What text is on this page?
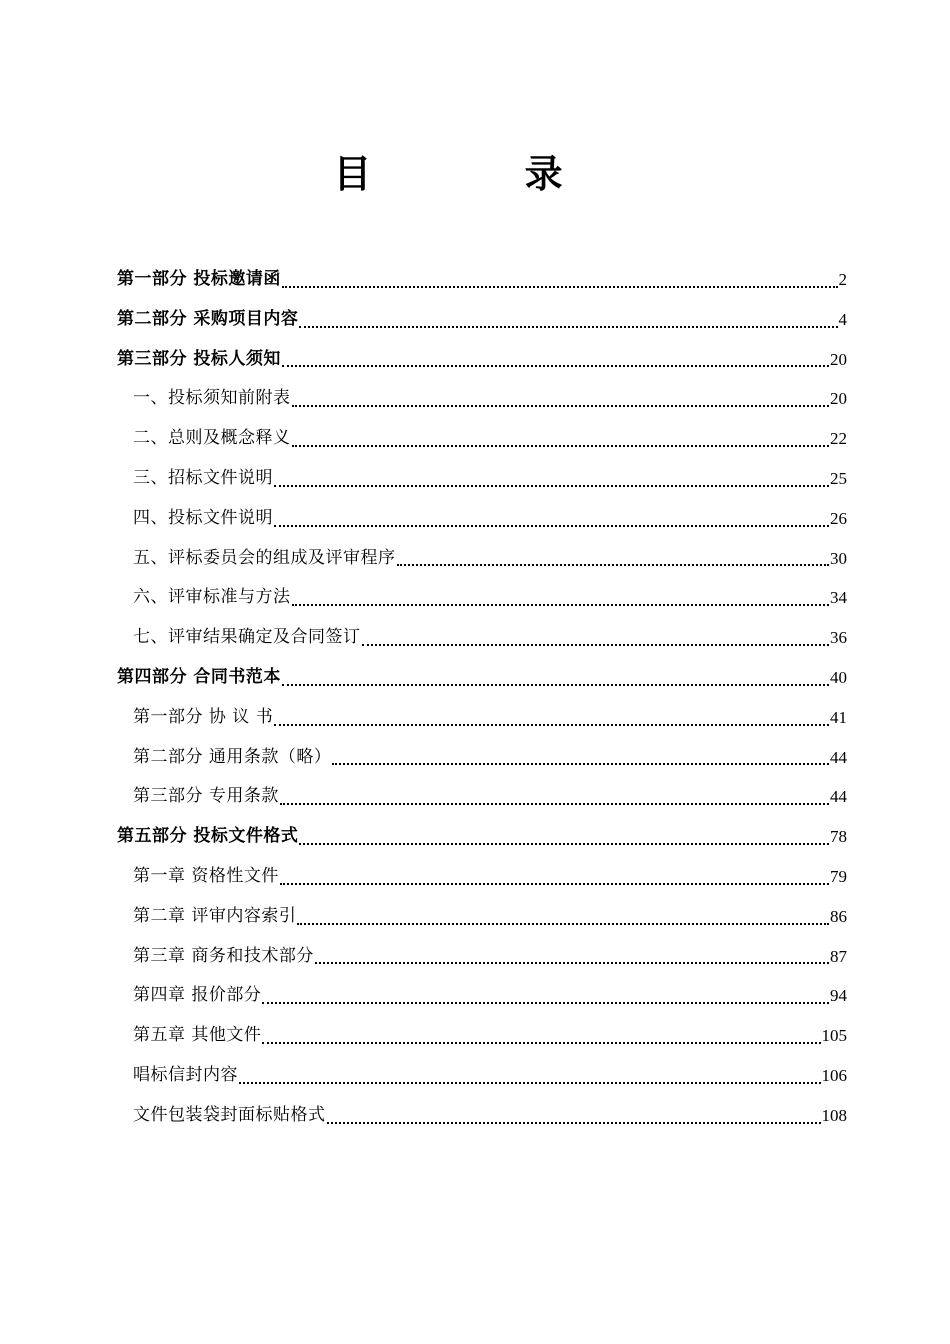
目 录
第一部分 投标邀请函	2
第二部分 采购项目内容	4
第三部分 投标人须知	20
一、投标须知前附表	20
二、总则及概念释义	22
三、招标文件说明	25
四、投标文件说明	26
五、评标委员会的组成及评审程序	30
六、评审标准与方法	34
七、评审结果确定及合同签订	36
第四部分 合同书范本	40
第一部分 协 议 书	41
第二部分 通用条款（略）	44
第三部分 专用条款	44
第五部分 投标文件格式	78
第一章 资格性文件	79
第二章 评审内容索引	86
第三章 商务和技术部分	87
第四章 报价部分	94
第五章 其他文件	105
唱标信封内容	106
文件包装袋封面标贴格式	108
